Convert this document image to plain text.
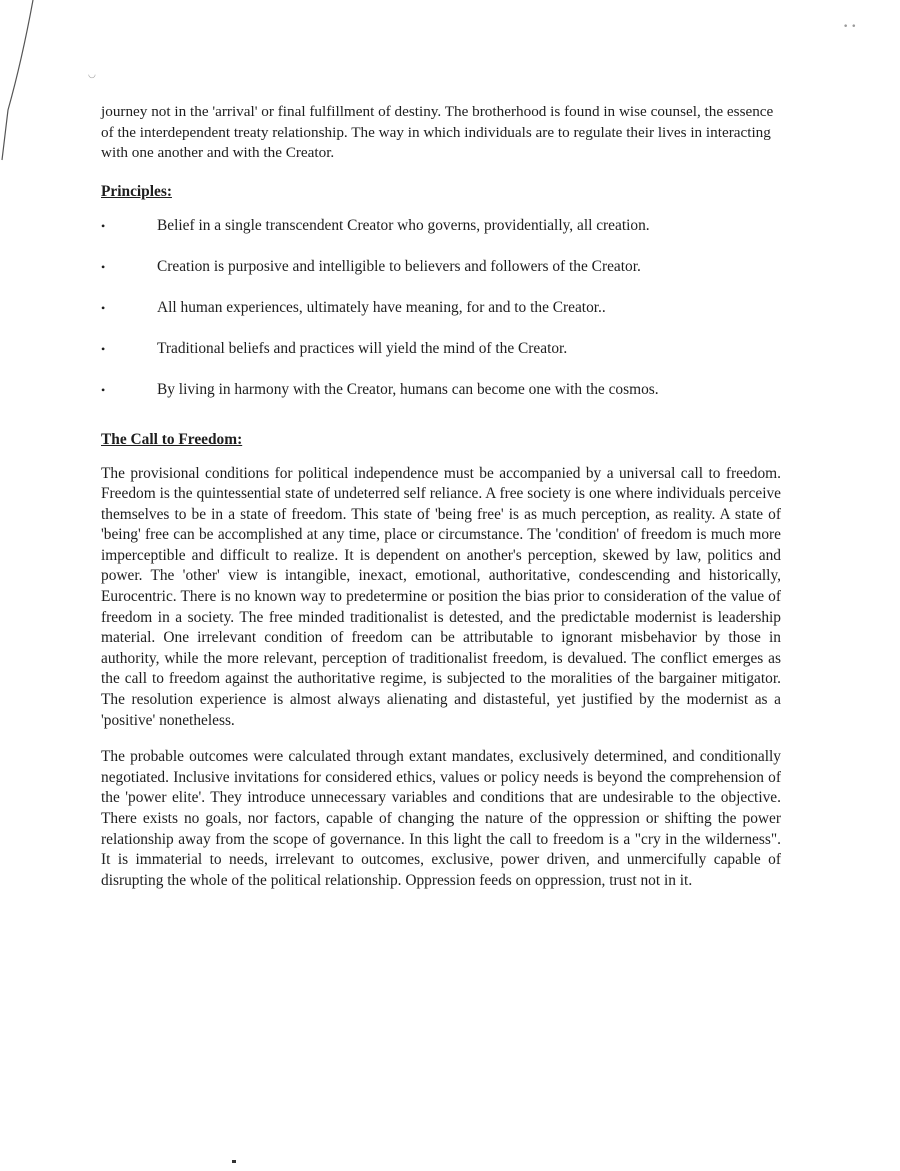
◡
• •

journey not in the 'arrival' or final fulfillment of destiny. The brotherhood is found in wise counsel, the essence of the interdependent treaty relationship. The way in which individuals are to regulate their lives in interacting with one another and with the Creator.

Principles:
•	Belief in a single transcendent Creator who governs, providentially, all creation.
•	Creation is purposive and intelligible to believers and followers of the Creator.
•	All human experiences, ultimately have meaning, for and to the Creator..
•	Traditional beliefs and practices will yield the mind of the Creator.
•	By living in harmony with the Creator, humans can become one with the cosmos.
The Call to Freedom:

The provisional conditions for political independence must be accompanied by a universal call to freedom. Freedom is the quintessential state of undeterred self reliance. A free society is one where individuals perceive themselves to be in a state of freedom. This state of 'being free' is as much perception, as reality. A state of 'being' free can be accomplished at any time, place or circumstance. The 'condition' of freedom is much more imperceptible and difficult to realize. It is dependent on another's perception, skewed by law, politics and power. The 'other' view is intangible, inexact, emotional, authoritative, condescending and historically, Eurocentric. There is no known way to predetermine or position the bias prior to consideration of the value of freedom in a society. The free minded traditionalist is detested, and the predictable modernist is leadership material. One irrelevant condition of freedom can be attributable to ignorant misbehavior by those in authority, while the more relevant, perception of traditionalist freedom, is devalued. The conflict emerges as the call to freedom against the authoritative regime, is subjected to the moralities of the bargainer mitigator. The resolution experience is almost always alienating and distasteful, yet justified by the modernist as a 'positive' nonetheless.

The probable outcomes were calculated through extant mandates, exclusively determined, and conditionally negotiated. Inclusive invitations for considered ethics, values or policy needs is beyond the comprehension of the 'power elite'. They introduce unnecessary variables and conditions that are undesirable to the objective. There exists no goals, nor factors, capable of changing the nature of the oppression or shifting the power relationship away from the scope of governance. In this light the call to freedom is a "cry in the wilderness". It is immaterial to needs, irrelevant to outcomes, exclusive, power driven, and unmercifully capable of disrupting the whole of the political relationship. Oppression feeds on oppression, trust not in it.
